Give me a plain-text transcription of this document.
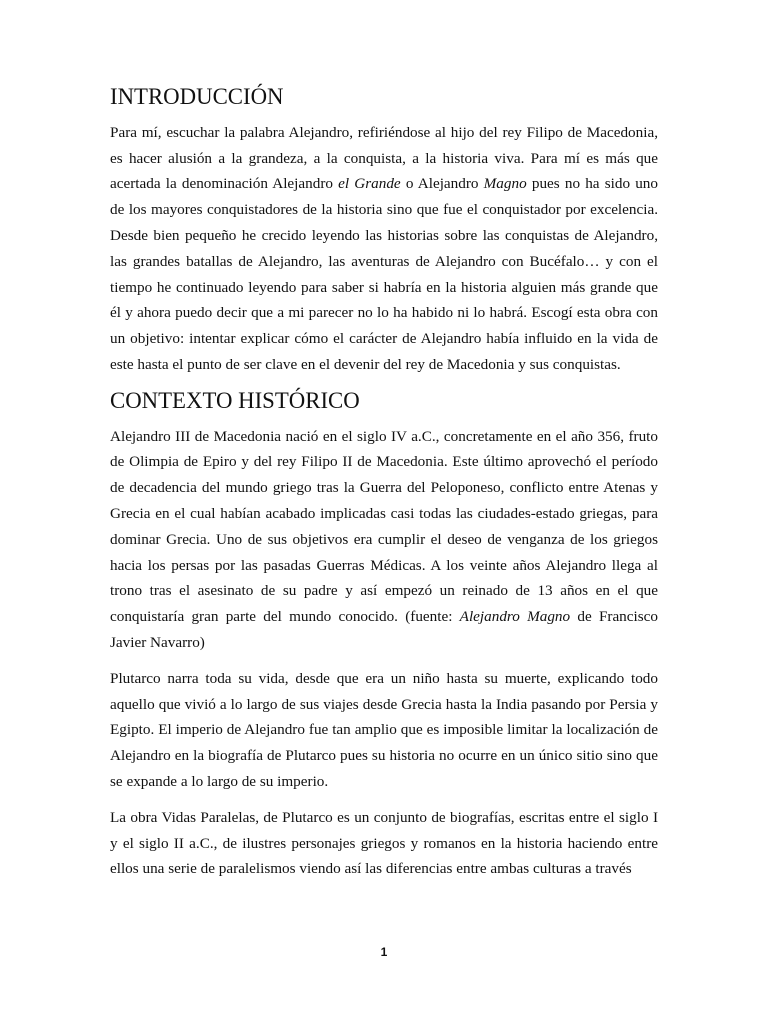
INTRODUCCIÓN

Para mí, escuchar la palabra Alejandro, refiriéndose al hijo del rey Filipo de Macedonia, es hacer alusión a la grandeza, a la conquista, a la historia viva. Para mí es más que acertada la denominación Alejandro el Grande o Alejandro Magno pues no ha sido uno de los mayores conquistadores de la historia sino que fue el conquistador por excelencia. Desde bien pequeño he crecido leyendo las historias sobre las conquistas de Alejandro, las grandes batallas de Alejandro, las aventuras de Alejandro con Bucéfalo… y con el tiempo he continuado leyendo para saber si habría en la historia alguien más grande que él y ahora puedo decir que a mi parecer no lo ha habido ni lo habrá. Escogí esta obra con un objetivo: intentar explicar cómo el carácter de Alejandro había influido en la vida de este hasta el punto de ser clave en el devenir del rey de Macedonia y sus conquistas.

CONTEXTO HISTÓRICO

Alejandro III de Macedonia nació en el siglo IV a.C., concretamente en el año 356, fruto de Olimpia de Epiro y del rey Filipo II de Macedonia. Este último aprovechó el período de decadencia del mundo griego tras la Guerra del Peloponeso, conflicto entre Atenas y Grecia en el cual habían acabado implicadas casi todas las ciudades-estado griegas, para dominar Grecia. Uno de sus objetivos era cumplir el deseo de venganza de los griegos hacia los persas por las pasadas Guerras Médicas. A los veinte años Alejandro llega al trono tras el asesinato de su padre y así empezó un reinado de 13 años en el que conquistaría gran parte del mundo conocido. (fuente: Alejandro Magno de Francisco Javier Navarro)

Plutarco narra toda su vida, desde que era un niño hasta su muerte, explicando todo aquello que vivió a lo largo de sus viajes desde Grecia hasta la India pasando por Persia y Egipto. El imperio de Alejandro fue tan amplio que es imposible limitar la localización de Alejandro en la biografía de Plutarco pues su historia no ocurre en un único sitio sino que se expande a lo largo de su imperio.

La obra Vidas Paralelas, de Plutarco es un conjunto de biografías, escritas entre el siglo I y el siglo II a.C., de ilustres personajes griegos y romanos en la historia haciendo entre ellos una serie de paralelismos viendo así las diferencias entre ambas culturas a través

1
